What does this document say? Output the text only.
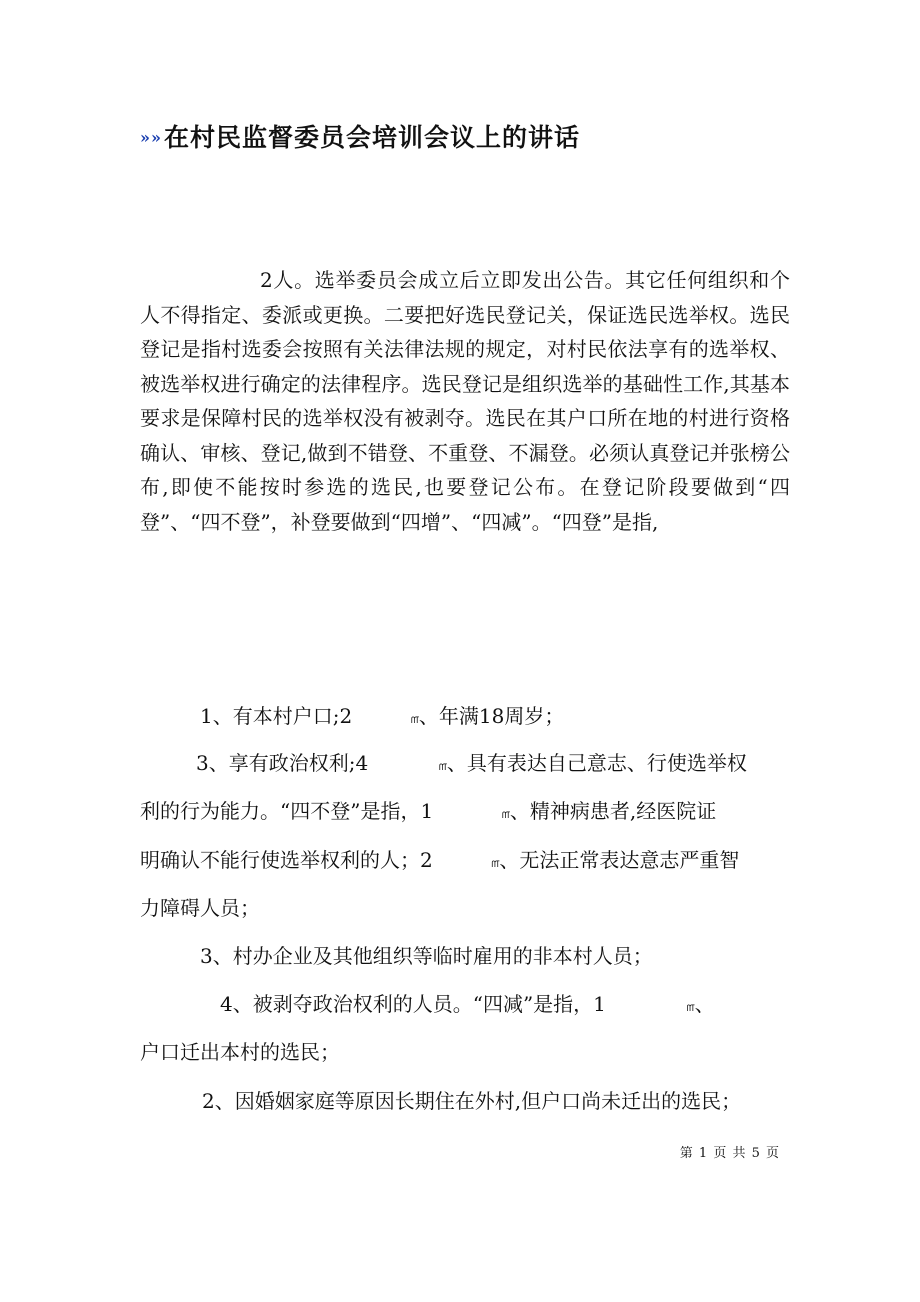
»»在村民监督委员会培训会议上的讲话

2人。选举委员会成立后立即发出公告。其它任何组织和个人不得指定、委派或更换。二要把好选民登记关，保证选民选举权。选民登记是指村选委会按照有关法律法规的规定，对村民依法享有的选举权、被选举权进行确定的法律程序。选民登记是组织选举的基础性工作,其基本要求是保障村民的选举权没有被剥夺。选民在其户口所在地的村进行资格确认、审核、登记,做到不错登、不重登、不漏登。必须认真登记并张榜公布,即使不能按时参选的选民,也要登记公布。在登记阶段要做到“四登”、“四不登”，补登要做到“四增”、“四减”。“四登”是指,

1、有本村户口;2	௱、年满18周岁；
3、享有政治权利;4	௱、具有表达自己意志、行使选举权
利的行为能力。“四不登”是指，1	௱、精神病患者,经医院证
明确认不能行使选举权利的人；2	௱、无法正常表达意志严重智
力障碍人员；
3、村办企业及其他组织等临时雇用的非本村人员；
4、被剥夺政治权利的人员。“四减”是指，1	௱、
户口迁出本村的选民；
2、因婚姻家庭等原因长期住在外村,但户口尚未迁出的选民；
第 1 页 共 5 页
